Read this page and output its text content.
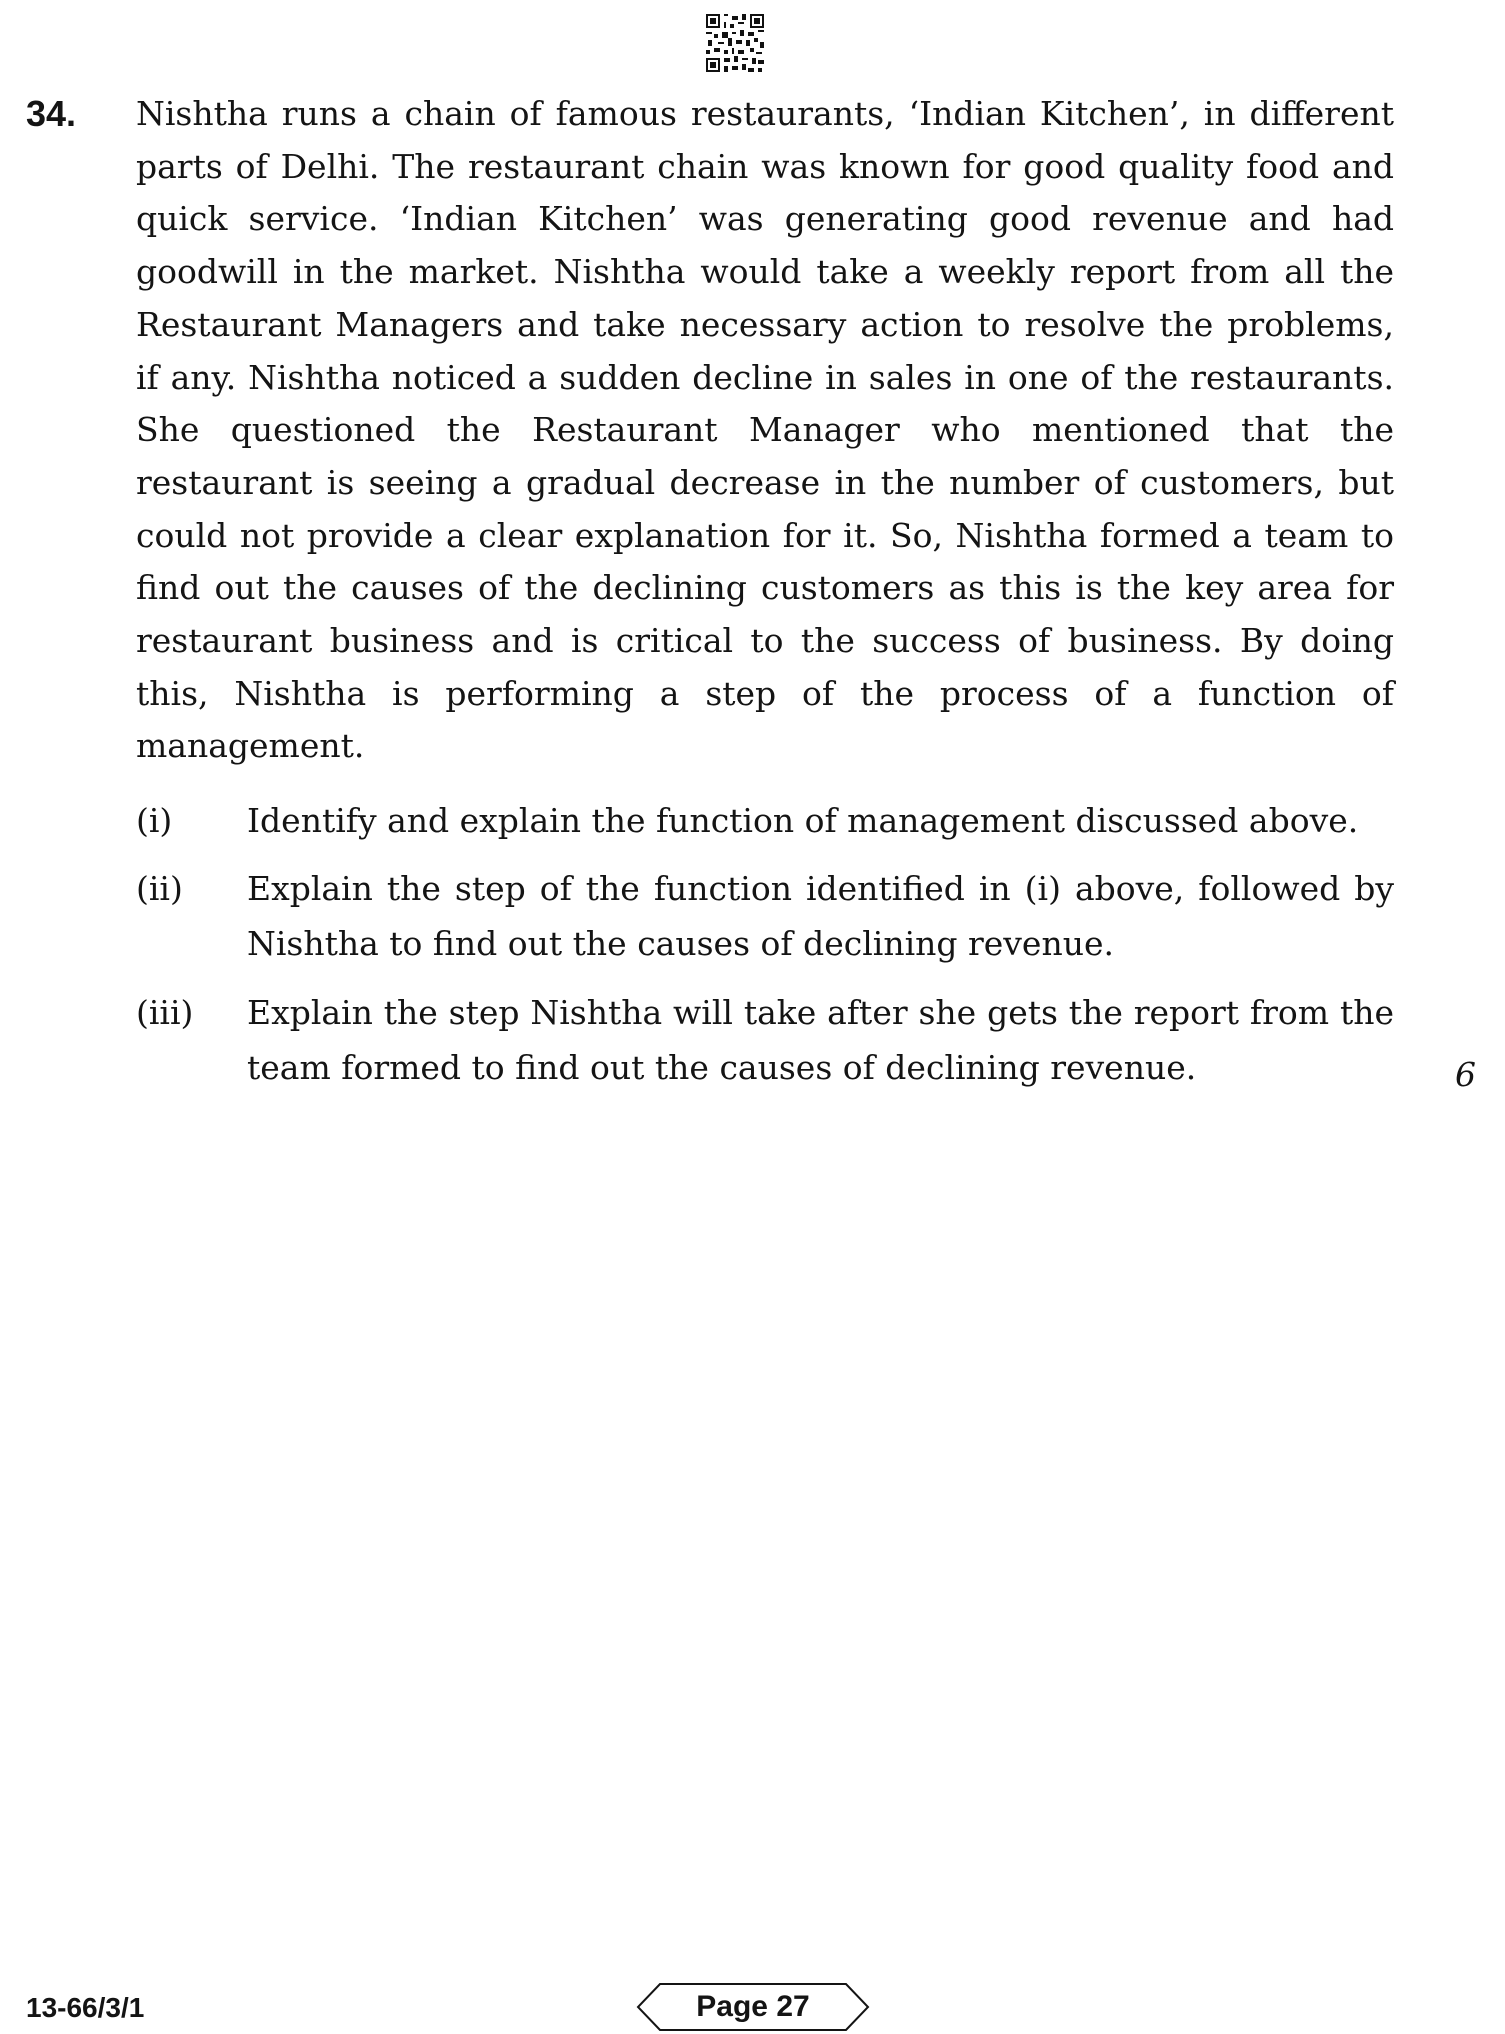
34. Nishtha runs a chain of famous restaurants, ‘Indian Kitchen’, in different parts of Delhi. The restaurant chain was known for good quality food and quick service. ‘Indian Kitchen’ was generating good revenue and had goodwill in the market. Nishtha would take a weekly report from all the Restaurant Managers and take necessary action to resolve the problems, if any. Nishtha noticed a sudden decline in sales in one of the restaurants. She questioned the Restaurant Manager who mentioned that the restaurant is seeing a gradual decrease in the number of customers, but could not provide a clear explanation for it. So, Nishtha formed a team to find out the causes of the declining customers as this is the key area for restaurant business and is critical to the success of business. By doing this, Nishtha is performing a step of the process of a function of management.

(i) Identify and explain the function of management discussed above.

(ii) Explain the step of the function identified in (i) above, followed by Nishtha to find out the causes of declining revenue.

(iii) Explain the step Nishtha will take after she gets the report from the team formed to find out the causes of declining revenue.	6
13-66/3/1	Page 27
